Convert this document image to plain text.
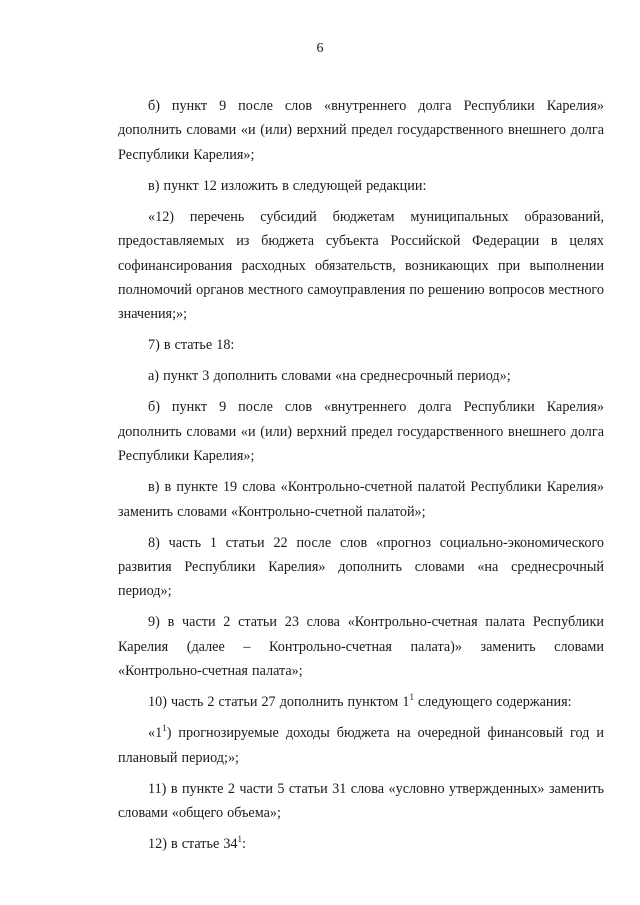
6

б) пункт 9 после слов «внутреннего долга Республики Карелия» дополнить словами «и (или) верхний предел государственного внешнего долга Республики Карелия»;

в) пункт 12 изложить в следующей редакции:

«12) перечень субсидий бюджетам муниципальных образований, предоставляемых из бюджета субъекта Российской Федерации в целях софинансирования расходных обязательств, возникающих при выполнении полномочий органов местного самоуправления по решению вопросов местного значения;»;

7) в статье 18:

а) пункт 3 дополнить словами «на среднесрочный период»;

б) пункт 9 после слов «внутреннего долга Республики Карелия» дополнить словами «и (или) верхний предел государственного внешнего долга Республики Карелия»;

в) в пункте 19 слова «Контрольно-счетной палатой Республики Карелия» заменить словами «Контрольно-счетной палатой»;

8) часть 1 статьи 22 после слов «прогноз социально-экономического развития Республики Карелия» дополнить словами «на среднесрочный период»;

9) в части 2 статьи 23 слова «Контрольно-счетная палата Республики Карелия (далее – Контрольно-счетная палата)» заменить словами «Контрольно-счетная палата»;

10) часть 2 статьи 27 дополнить пунктом $1^1$ следующего содержания:

«$1^1$) прогнозируемые доходы бюджета на очередной финансовый год и плановый период;»;

11) в пункте 2 части 5 статьи 31 слова «условно утвержденных» заменить словами «общего объема»;

12) в статье $34^1$:
